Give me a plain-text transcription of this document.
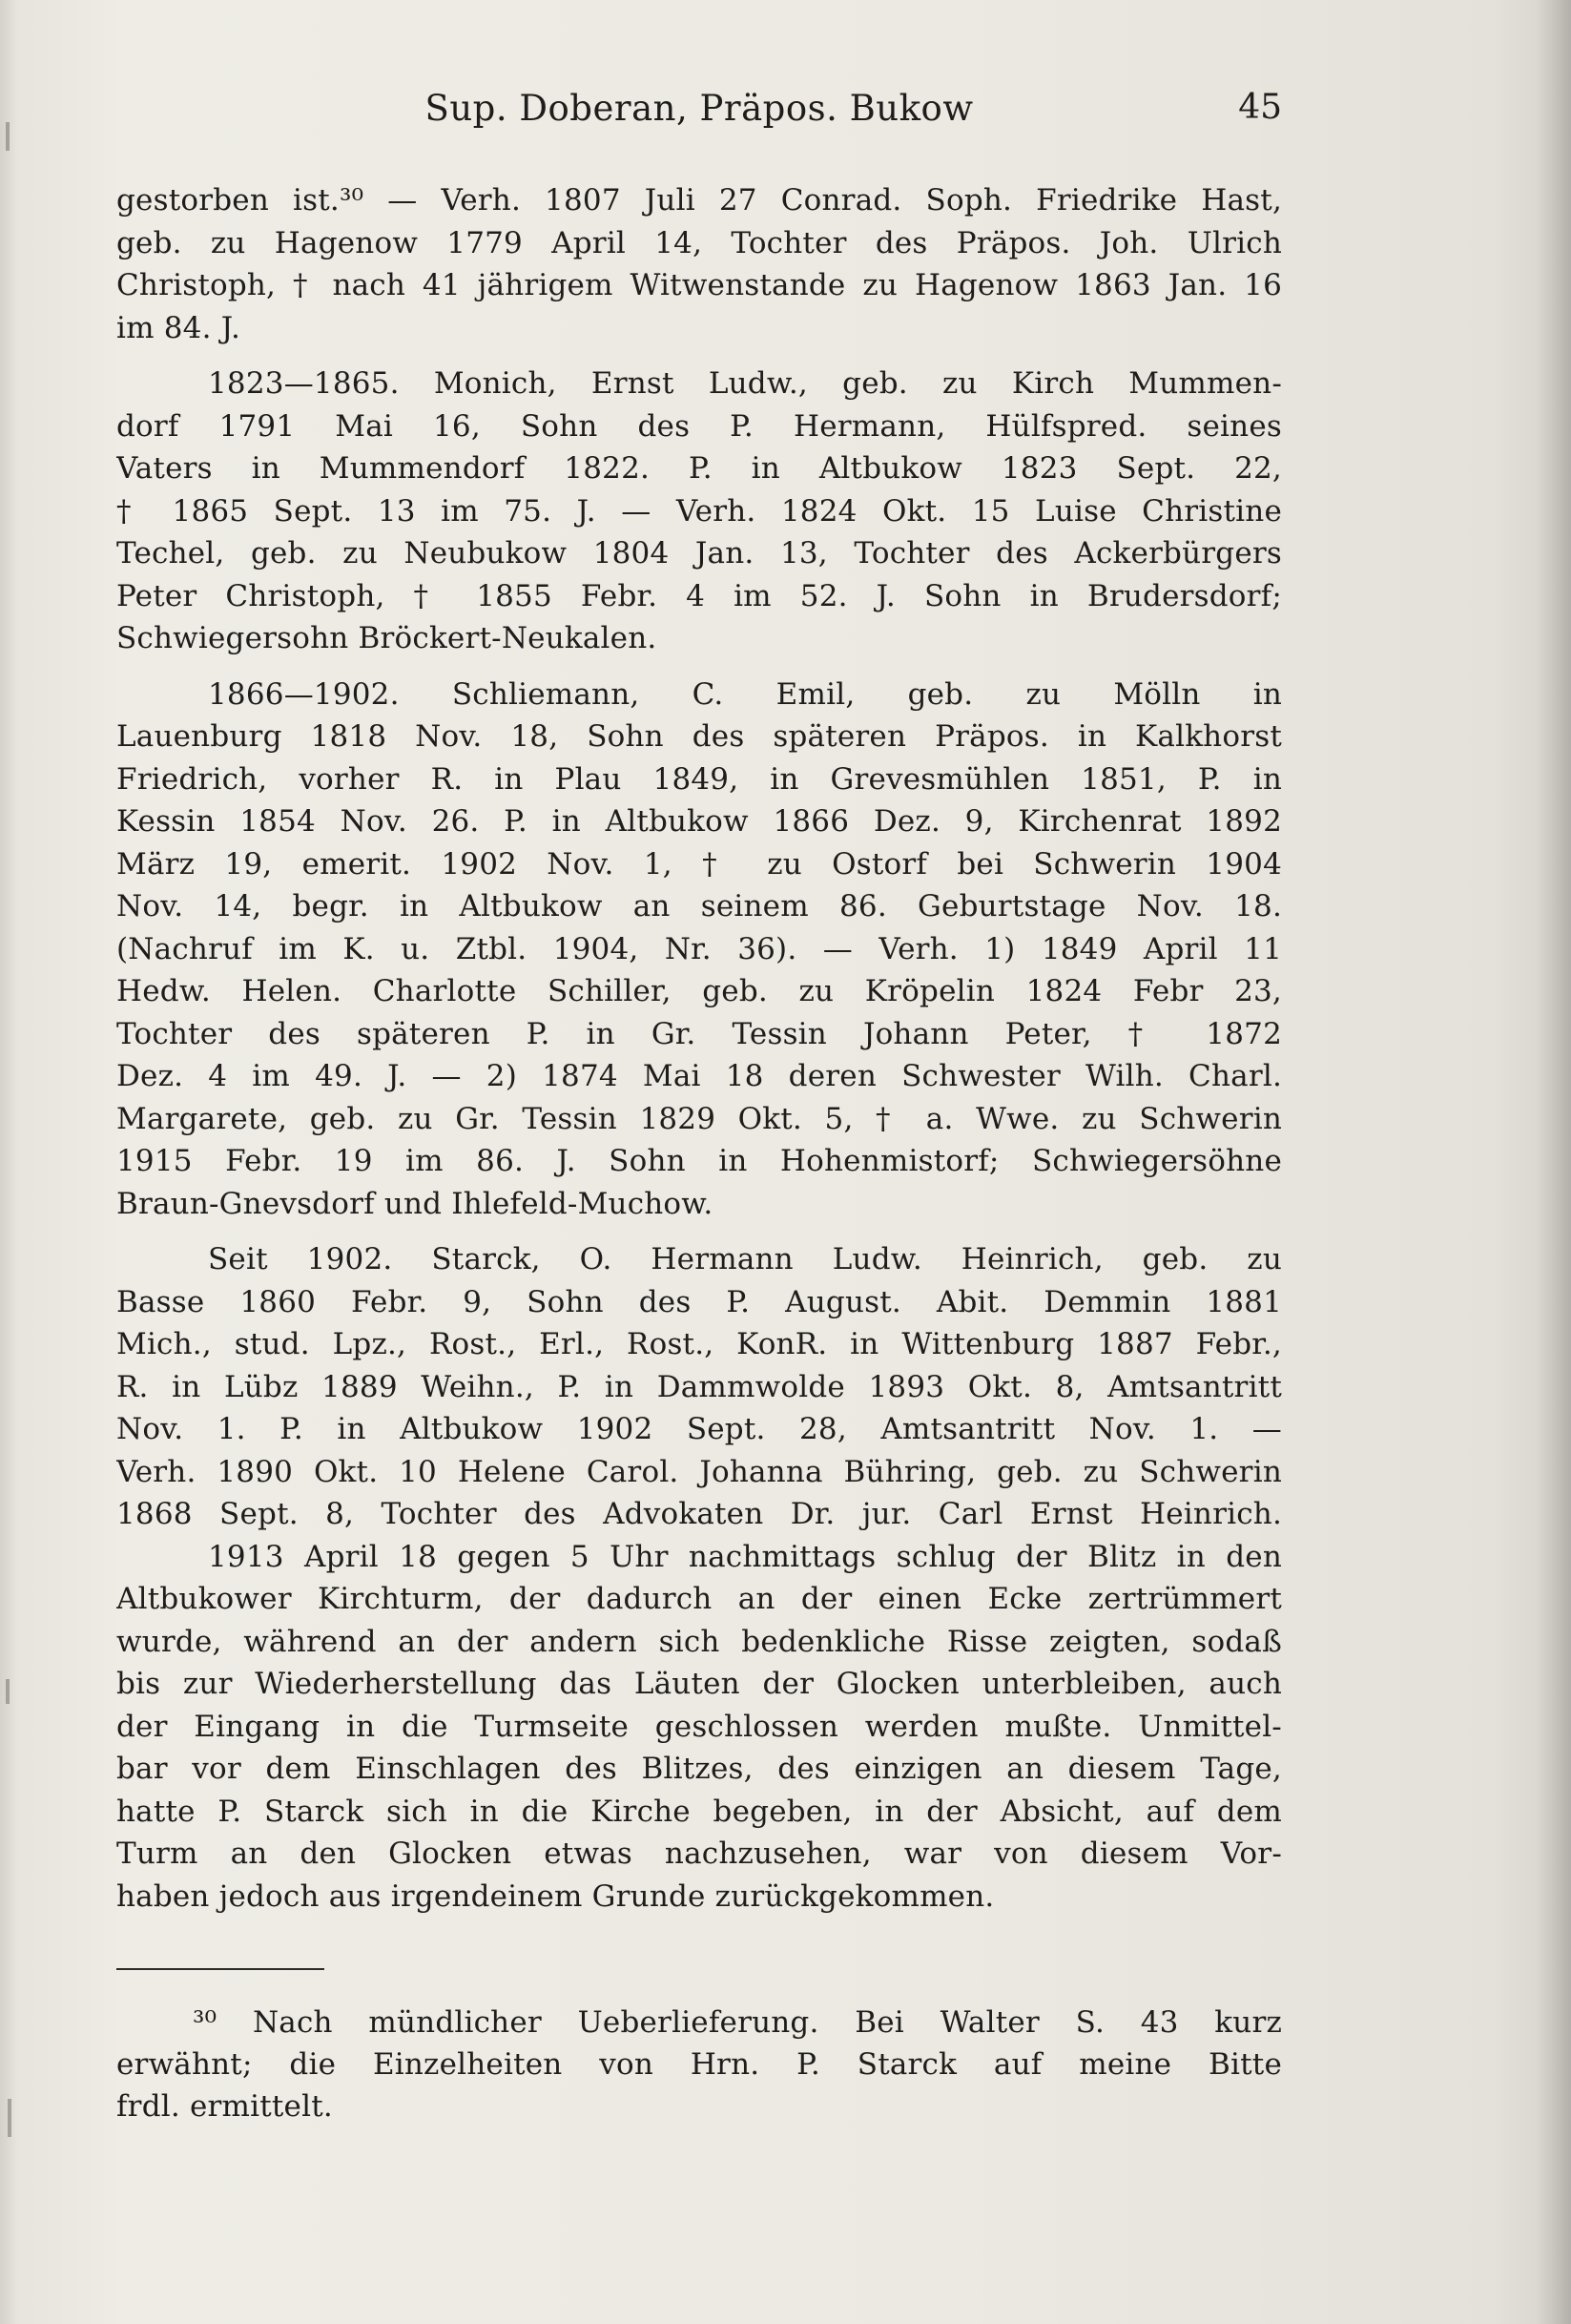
Sup. Doberan, Präpos. Bukow	45
gestorben ist.³⁰ — Verh. 1807 Juli 27 Conrad. Soph. Friedrike Hast,
geb. zu Hagenow 1779 April 14, Tochter des Präpos. Joh. Ulrich
Christoph, † nach 41 jährigem Witwenstande zu Hagenow 1863 Jan. 16
im 84. J.
1823—1865. Monich, Ernst Ludw., geb. zu Kirch Mummen-
dorf 1791 Mai 16, Sohn des P. Hermann, Hülfspred. seines
Vaters in Mummendorf 1822. P. in Altbukow 1823 Sept. 22,
† 1865 Sept. 13 im 75. J. — Verh. 1824 Okt. 15 Luise Christine
Techel, geb. zu Neubukow 1804 Jan. 13, Tochter des Ackerbürgers
Peter Christoph, † 1855 Febr. 4 im 52. J. Sohn in Brudersdorf;
Schwiegersohn Bröckert-Neukalen.
1866—1902. Schliemann, C. Emil, geb. zu Mölln in
Lauenburg 1818 Nov. 18, Sohn des späteren Präpos. in Kalkhorst
Friedrich, vorher R. in Plau 1849, in Grevesmühlen 1851, P. in
Kessin 1854 Nov. 26. P. in Altbukow 1866 Dez. 9, Kirchenrat 1892
März 19, emerit. 1902 Nov. 1, † zu Ostorf bei Schwerin 1904
Nov. 14, begr. in Altbukow an seinem 86. Geburtstage Nov. 18.
(Nachruf im K. u. Ztbl. 1904, Nr. 36). — Verh. 1) 1849 April 11
Hedw. Helen. Charlotte Schiller, geb. zu Kröpelin 1824 Febr 23,
Tochter des späteren P. in Gr. Tessin Johann Peter, † 1872
Dez. 4 im 49. J. — 2) 1874 Mai 18 deren Schwester Wilh. Charl.
Margarete, geb. zu Gr. Tessin 1829 Okt. 5, † a. Wwe. zu Schwerin
1915 Febr. 19 im 86. J. Sohn in Hohenmistorf; Schwiegersöhne
Braun-Gnevsdorf und Ihlefeld-Muchow.
Seit 1902. Starck, O. Hermann Ludw. Heinrich, geb. zu
Basse 1860 Febr. 9, Sohn des P. August. Abit. Demmin 1881
Mich., stud. Lpz., Rost., Erl., Rost., KonR. in Wittenburg 1887 Febr.,
R. in Lübz 1889 Weihn., P. in Dammwolde 1893 Okt. 8, Amtsantritt
Nov. 1. P. in Altbukow 1902 Sept. 28, Amtsantritt Nov. 1. —
Verh. 1890 Okt. 10 Helene Carol. Johanna Bühring, geb. zu Schwerin
1868 Sept. 8, Tochter des Advokaten Dr. jur. Carl Ernst Heinrich.
1913 April 18 gegen 5 Uhr nachmittags schlug der Blitz in den
Altbukower Kirchturm, der dadurch an der einen Ecke zertrümmert
wurde, während an der andern sich bedenkliche Risse zeigten, sodaß
bis zur Wiederherstellung das Läuten der Glocken unterbleiben, auch
der Eingang in die Turmseite geschlossen werden mußte. Unmittel-
bar vor dem Einschlagen des Blitzes, des einzigen an diesem Tage,
hatte P. Starck sich in die Kirche begeben, in der Absicht, auf dem
Turm an den Glocken etwas nachzusehen, war von diesem Vor-
haben jedoch aus irgendeinem Grunde zurückgekommen.
³⁰ Nach mündlicher Ueberlieferung. Bei Walter S. 43 kurz
erwähnt; die Einzelheiten von Hrn. P. Starck auf meine Bitte
frdl. ermittelt.
